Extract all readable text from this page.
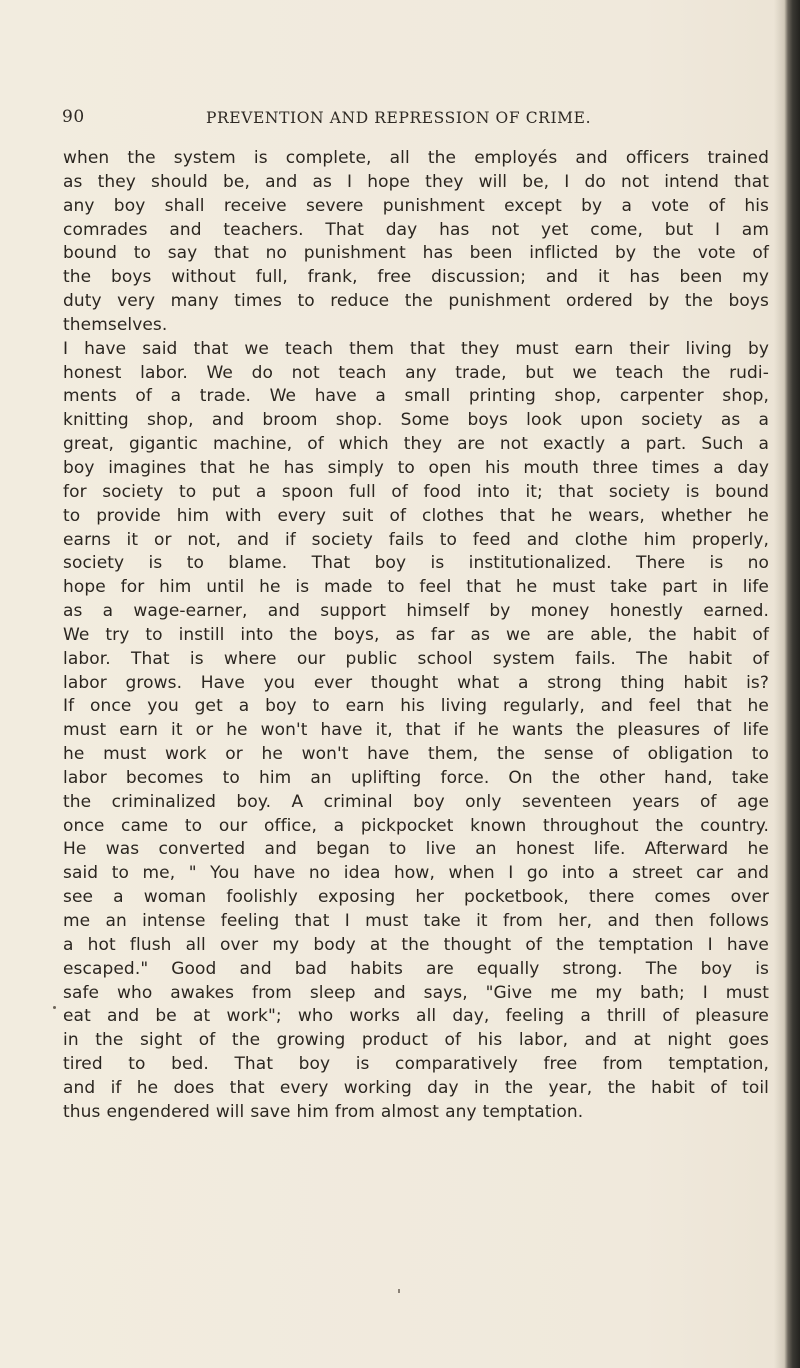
90	PREVENTION AND REPRESSION OF CRIME.
when the system is complete, all the employés and officers trained
as they should be, and as I hope they will be, I do not intend that
any boy shall receive severe punishment except by a vote of his
comrades and teachers. That day has not yet come, but I am
bound to say that no punishment has been inflicted by the vote of
the boys without full, frank, free discussion; and it has been my
duty very many times to reduce the punishment ordered by the boys
themselves.
I have said that we teach them that they must earn their living by
honest labor. We do not teach any trade, but we teach the rudi-
ments of a trade. We have a small printing shop, carpenter shop,
knitting shop, and broom shop. Some boys look upon society as a
great, gigantic machine, of which they are not exactly a part. Such a
boy imagines that he has simply to open his mouth three times a day
for society to put a spoon full of food into it; that society is bound
to provide him with every suit of clothes that he wears, whether he
earns it or not, and if society fails to feed and clothe him properly,
society is to blame. That boy is institutionalized. There is no
hope for him until he is made to feel that he must take part in life
as a wage-earner, and support himself by money honestly earned.
We try to instill into the boys, as far as we are able, the habit of
labor. That is where our public school system fails. The habit of
labor grows. Have you ever thought what a strong thing habit is?
If once you get a boy to earn his living regularly, and feel that he
must earn it or he won't have it, that if he wants the pleasures of life
he must work or he won't have them, the sense of obligation to
labor becomes to him an uplifting force. On the other hand, take
the criminalized boy. A criminal boy only seventeen years of age
once came to our office, a pickpocket known throughout the country.
He was converted and began to live an honest life. Afterward he
said to me, " You have no idea how, when I go into a street car and
see a woman foolishly exposing her pocketbook, there comes over
me an intense feeling that I must take it from her, and then follows
a hot flush all over my body at the thought of the temptation I have
escaped." Good and bad habits are equally strong. The boy is
safe who awakes from sleep and says, "Give me my bath; I must
eat and be at work"; who works all day, feeling a thrill of pleasure
in the sight of the growing product of his labor, and at night goes
tired to bed. That boy is comparatively free from temptation,
and if he does that every working day in the year, the habit of toil
thus engendered will save him from almost any temptation.
